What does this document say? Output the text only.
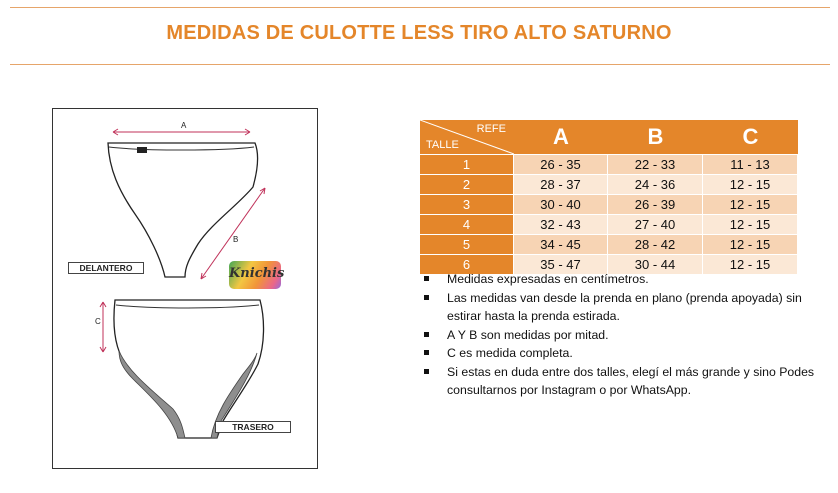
MEDIDAS DE CULOTTE LESS TIRO ALTO SATURNO
A
B
C
DELANTERO
TRASERO
Knichis
REFE
TALLE	A	B	C
1	26 - 35	22 - 33	11 - 13
2	28 - 37	24 - 36	12 - 15
3	30 - 40	26 - 39	12 - 15
4	32 - 43	27 - 40	12 - 15
5	34 - 45	28 - 42	12 - 15
6	35 - 47	30 - 44	12 - 15
Medidas expresadas en centímetros.
Las medidas van desde la prenda en plano (prenda apoyada) sin estirar hasta la prenda estirada.
A Y B son medidas por mitad.
C es medida completa.
Si estas en duda entre dos talles, elegí el más grande y sino Podes consultarnos por Instagram o por WhatsApp.
